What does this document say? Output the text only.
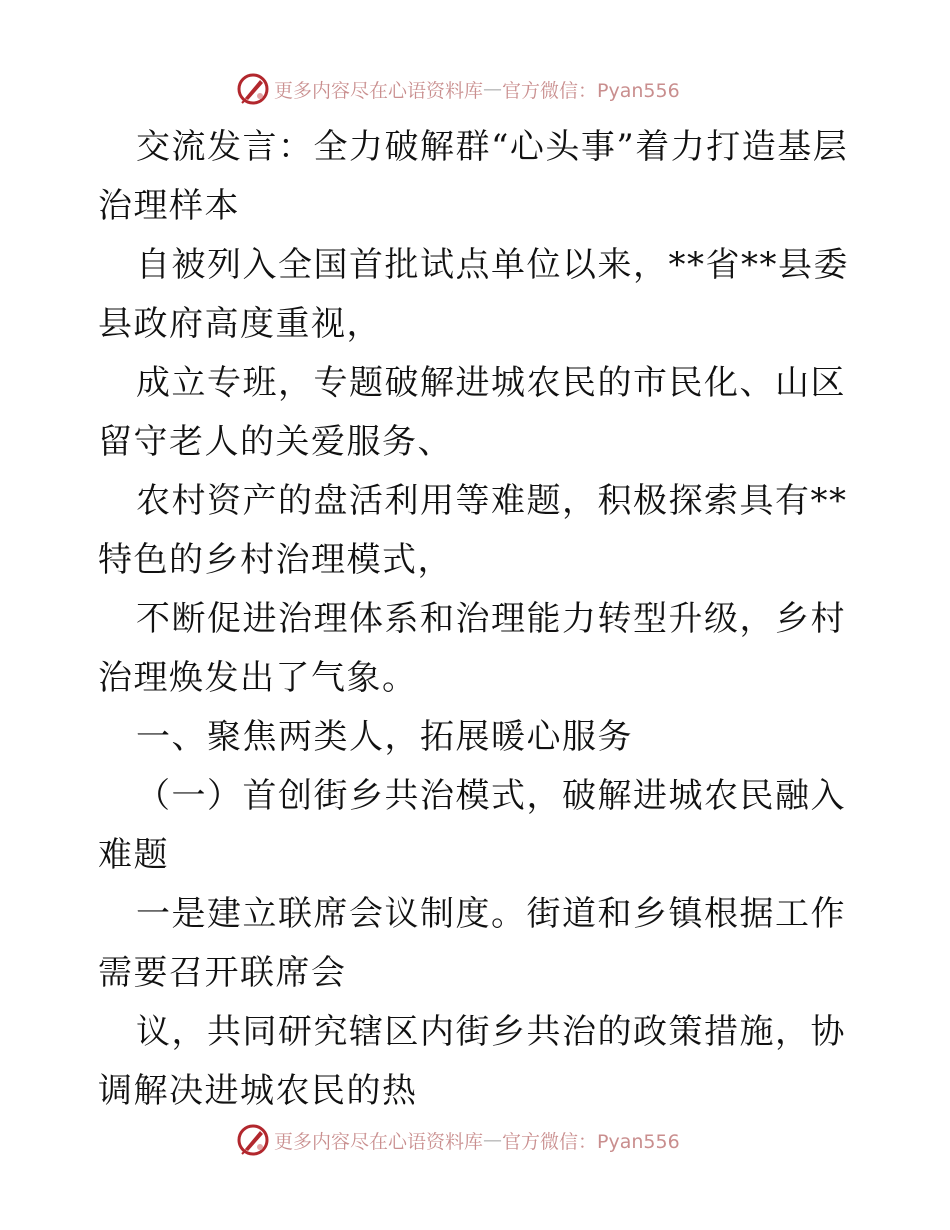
更多内容尽在心语资料库 — 官方微信：Pyan556

交流发言：全力破解群“心头事”着力打造基层治理样本

自被列入全国首批试点单位以来，**省**县委县政府高度重视，

成立专班，专题破解进城农民的市民化、山区留守老人的关爱服务、

农村资产的盘活利用等难题，积极探索具有**特色的乡村治理模式，

不断促进治理体系和治理能力转型升级，乡村治理焕发出了气象。

一、聚焦两类人，拓展暖心服务

（一）首创街乡共治模式，破解进城农民融入难题

一是建立联席会议制度。街道和乡镇根据工作需要召开联席会

议，共同研究辖区内街乡共治的政策措施，协调解决进城农民的热

更多内容尽在心语资料库 — 官方微信：Pyan556
